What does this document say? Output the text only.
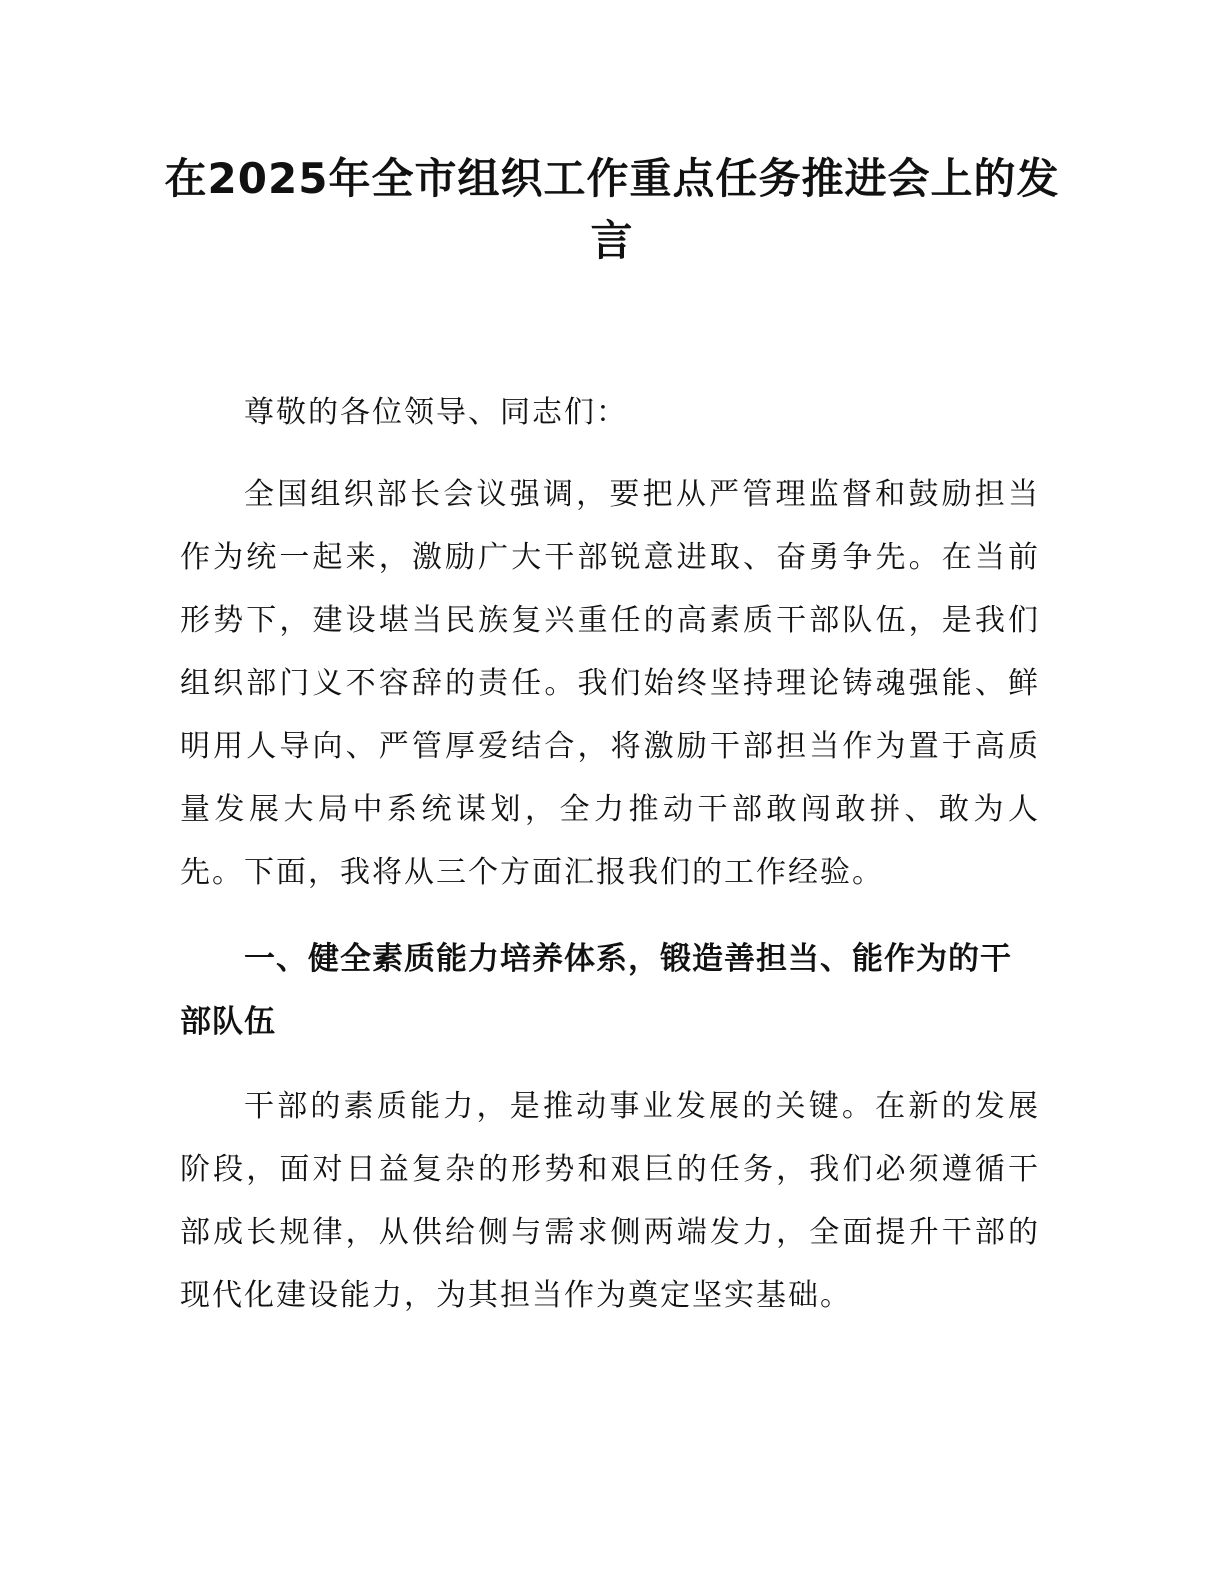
在2025年全市组织工作重点任务推进会上的发言

尊敬的各位领导、同志们：

全国组织部长会议强调，要把从严管理监督和鼓励担当作为统一起来，激励广大干部锐意进取、奋勇争先。在当前形势下，建设堪当民族复兴重任的高素质干部队伍，是我们组织部门义不容辞的责任。我们始终坚持理论铸魂强能、鲜明用人导向、严管厚爱结合，将激励干部担当作为置于高质量发展大局中系统谋划，全力推动干部敢闯敢拼、敢为人先。下面，我将从三个方面汇报我们的工作经验。

一、健全素质能力培养体系，锻造善担当、能作为的干部队伍

干部的素质能力，是推动事业发展的关键。在新的发展阶段，面对日益复杂的形势和艰巨的任务，我们必须遵循干部成长规律，从供给侧与需求侧两端发力，全面提升干部的现代化建设能力，为其担当作为奠定坚实基础。
